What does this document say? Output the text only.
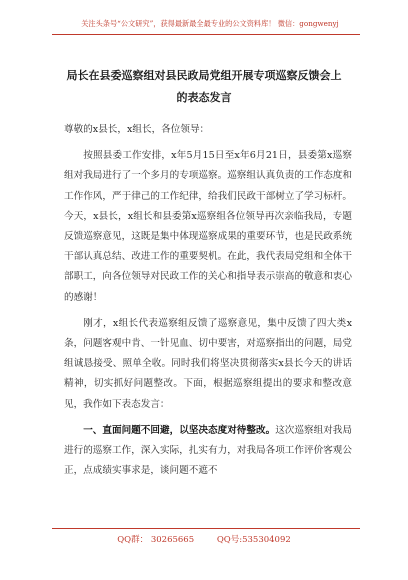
关注头条号“公文研究”，获得最新最全最专业的公文资料库！ 微信：gongwenyj
局长在县委巡察组对县民政局党组开展专项巡察反馈会上
的表态发言

尊敬的x县长，x组长，各位领导：

按照县委工作安排，x年5月15日至x年6月21日，县委第x巡察组对我局进行了一个多月的专项巡察。巡察组认真负责的工作态度和工作作风，严于律己的工作纪律，给我们民政干部树立了学习标杆。今天，x县长，x组长和县委第x巡察组各位领导再次亲临我局，专题反馈巡察意见，这既是集中体现巡察成果的重要环节，也是民政系统干部认真总结、改进工作的重要契机。在此，我代表局党组和全体干部职工，向各位领导对民政工作的关心和指导表示崇高的敬意和衷心的感谢！

刚才，x组长代表巡察组反馈了巡察意见，集中反馈了四大类x条，问题客观中肯、一针见血、切中要害，对巡察指出的问题，局党组诚恳接受、照单全收。同时我们将坚决贯彻落实x县长今天的讲话精神，切实抓好问题整改。下面，根据巡察组提出的要求和整改意见，我作如下表态发言：

一、直面问题不回避，以坚决态度对待整改。这次巡察组对我局进行的巡察工作，深入实际，扎实有力，对我局各项工作评价客观公正，点成绩实事求是，谈问题不遮不

QQ群： 30265665	QQ号:535304092
